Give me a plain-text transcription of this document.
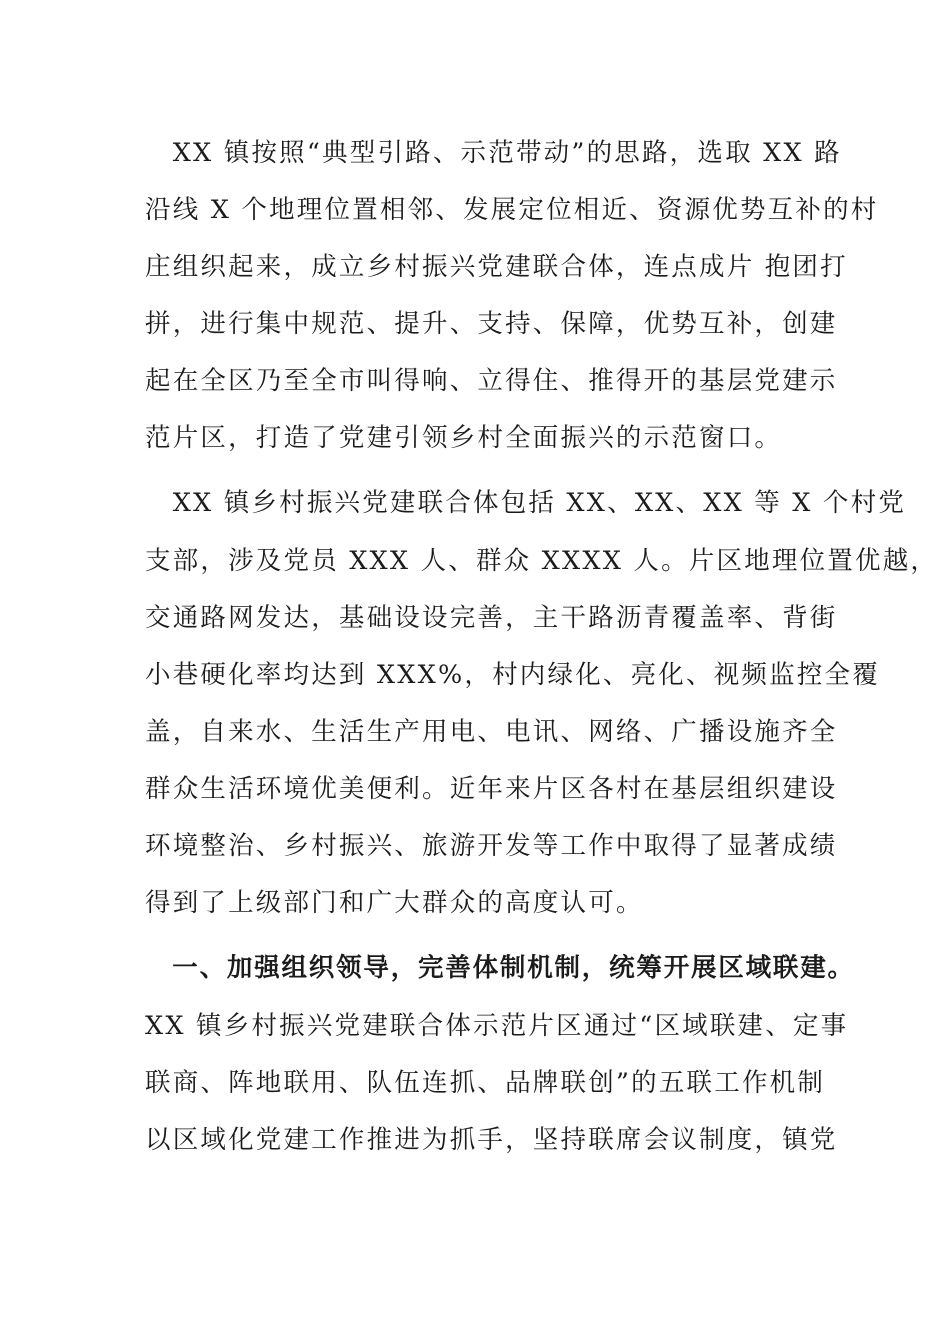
　XX 镇按照“典型引路、示范带动”的思路，选取 XX 路

沿线 X 个地理位置相邻、发展定位相近、资源优势互补的村

庄组织起来，成立乡村振兴党建联合体，连点成片 抱团打

拼，进行集中规范、提升、支持、保障，优势互补，创建

起在全区乃至全市叫得响、立得住、推得开的基层党建示

范片区，打造了党建引领乡村全面振兴的示范窗口。

　XX 镇乡村振兴党建联合体包括 XX、XX、XX 等 X 个村党

支部，涉及党员 XXX 人、群众 XXXX 人。片区地理位置优越，

交通路网发达，基础设设完善，主干路沥青覆盖率、背街

小巷硬化率均达到 XXX%，村内绿化、亮化、视频监控全覆

盖，自来水、生活生产用电、电讯、网络、广播设施齐全

群众生活环境优美便利。近年来片区各村在基层组织建设

环境整治、乡村振兴、旅游开发等工作中取得了显著成绩

得到了上级部门和广大群众的高度认可。

　一、加强组织领导，完善体制机制，统筹开展区域联建。

XX 镇乡村振兴党建联合体示范片区通过“区域联建、定事

联商、阵地联用、队伍连抓、品牌联创”的五联工作机制

以区域化党建工作推进为抓手，坚持联席会议制度，镇党
